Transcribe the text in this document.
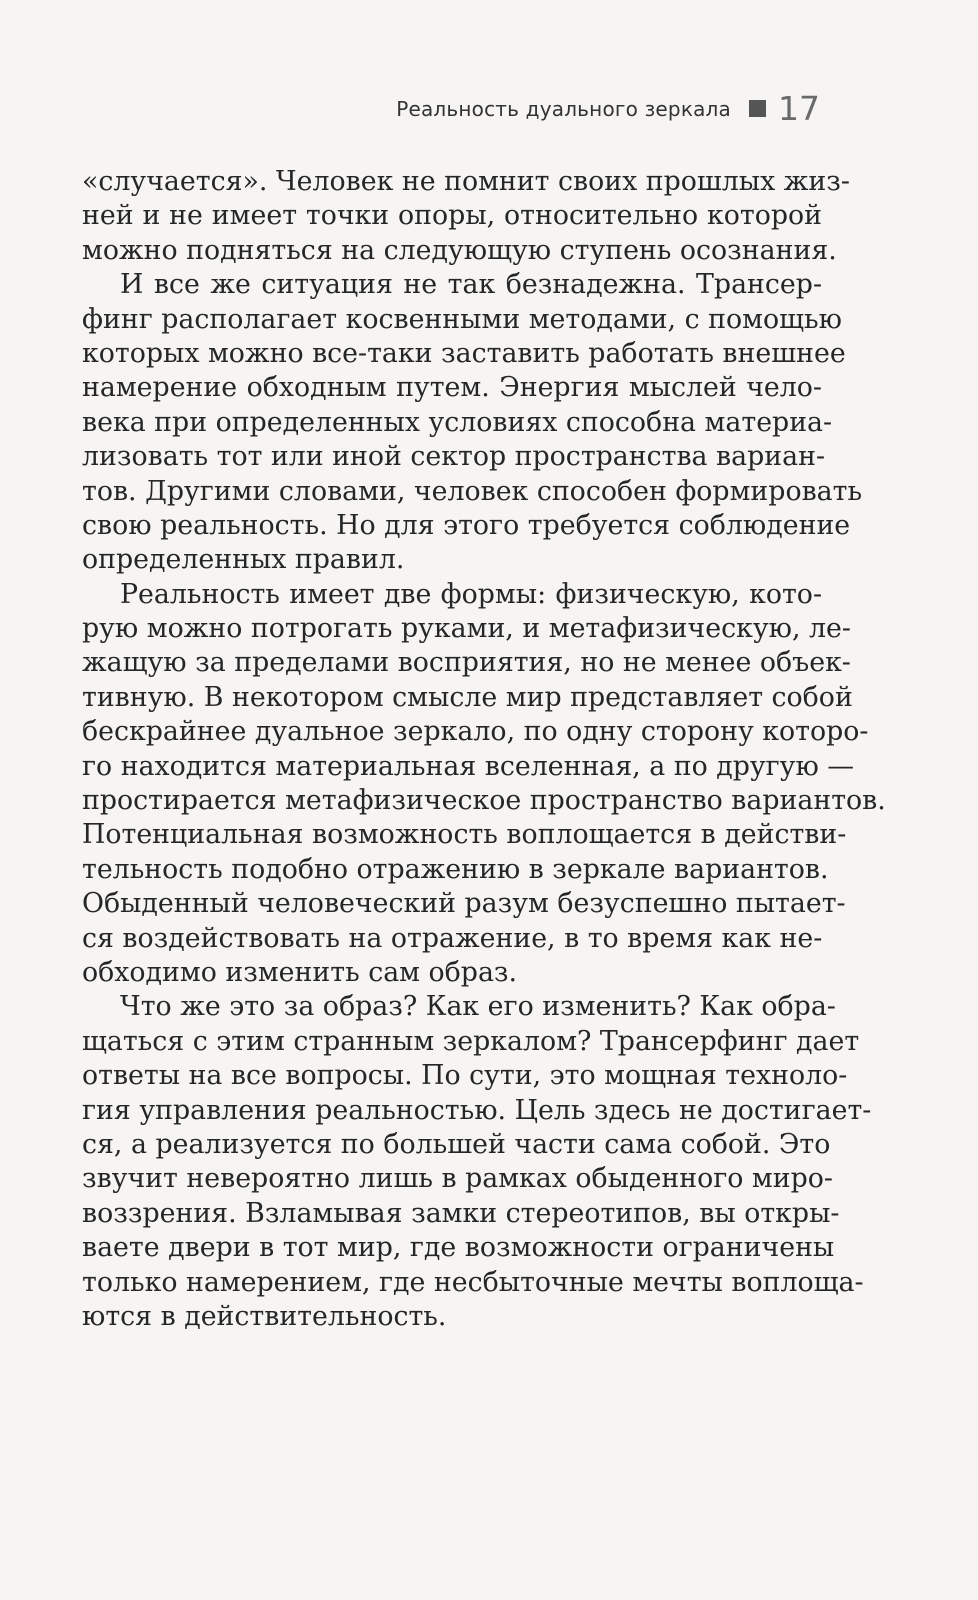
Реальность дуального зеркала 17

«случается». Человек не помнит своих прошлых жиз-
ней и не имеет точки опоры, относительно которой
можно подняться на следующую ступень осознания.

И все же ситуация не так безнадежна. Трансер-
финг располагает косвенными методами, с помощью
которых можно все-таки заставить работать внешнее
намерение обходным путем. Энергия мыслей чело-
века при определенных условиях способна материа-
лизовать тот или иной сектор пространства вариан-
тов. Другими словами, человек способен формировать
свою реальность. Но для этого требуется соблюдение
определенных правил.

Реальность имеет две формы: физическую, кото-
рую можно потрогать руками, и метафизическую, ле-
жащую за пределами восприятия, но не менее объек-
тивную. В некотором смысле мир представляет собой
бескрайнее дуальное зеркало, по одну сторону которо-
го находится материальная вселенная, а по другую —
простирается метафизическое пространство вариантов.
Потенциальная возможность воплощается в действи-
тельность подобно отражению в зеркале вариантов.
Обыденный человеческий разум безуспешно пытает-
ся воздействовать на отражение, в то время как не-
обходимо изменить сам образ.

Что же это за образ? Как его изменить? Как обра-
щаться с этим странным зеркалом? Трансерфинг дает
ответы на все вопросы. По сути, это мощная техноло-
гия управления реальностью. Цель здесь не достигает-
ся, а реализуется по большей части сама собой. Это
звучит невероятно лишь в рамках обыденного миро-
воззрения. Взламывая замки стереотипов, вы откры-
ваете двери в тот мир, где возможности ограничены
только намерением, где несбыточные мечты воплоща-
ются в действительность.
